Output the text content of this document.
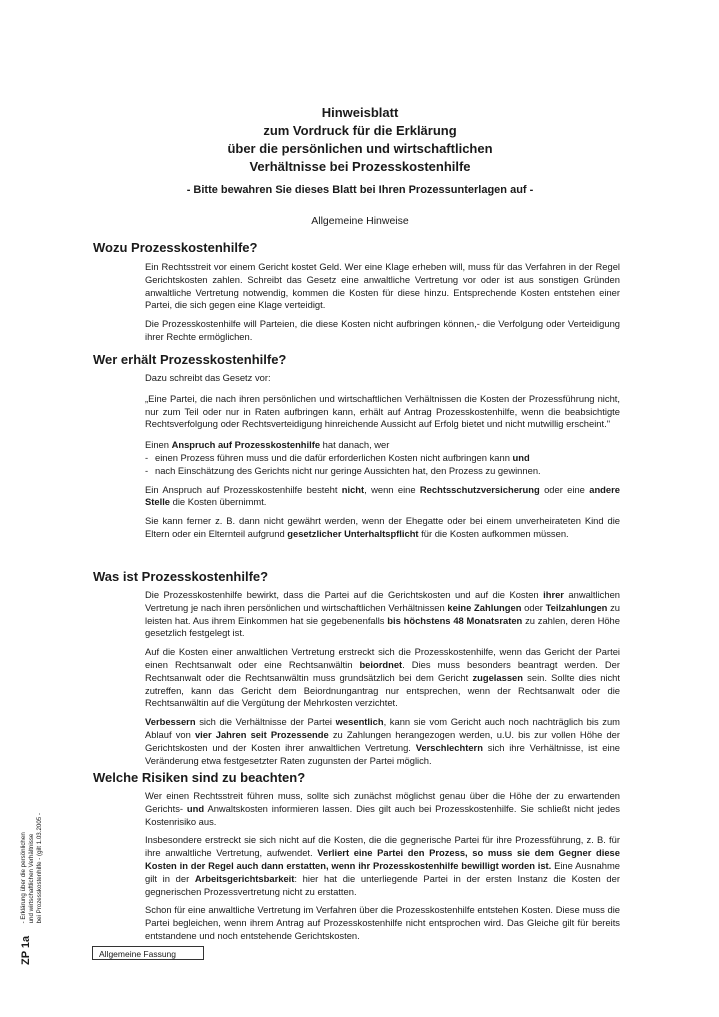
Hinweisblatt
zum Vordruck für die Erklärung
über die persönlichen und wirtschaftlichen
Verhältnisse bei Prozesskostenhilfe
- Bitte bewahren Sie dieses Blatt bei Ihren Prozessunterlagen auf -
Allgemeine Hinweise
Wozu Prozesskostenhilfe?

Ein Rechtsstreit vor einem Gericht kostet Geld. Wer eine Klage erheben will, muss für das Verfahren in der Regel Gerichtskosten zahlen. Schreibt das Gesetz eine anwaltliche Vertretung vor oder ist aus sonstigen Gründen anwaltliche Vertretung notwendig, kommen die Kosten für diese hinzu. Entsprechende Kosten entstehen einer Partei, die sich gegen eine Klage verteidigt.

Die Prozesskostenhilfe will Parteien, die diese Kosten nicht aufbringen können,- die Verfolgung oder Verteidigung ihrer Rechte ermöglichen.

Wer erhält Prozesskostenhilfe?

Dazu schreibt das Gesetz vor:

„Eine Partei, die nach ihren persönlichen und wirtschaftlichen Verhältnissen die Kosten der Prozessführung nicht, nur zum Teil oder nur in Raten aufbringen kann, erhält auf Antrag Prozesskostenhilfe, wenn die beabsichtigte Rechtsverfolgung oder Rechtsverteidigung hinreichende Aussicht auf Erfolg bietet und nicht mutwillig erscheint."

Einen Anspruch auf Prozesskostenhilfe hat danach, wer

- einen Prozess führen muss und die dafür erforderlichen Kosten nicht aufbringen kann und

- nach Einschätzung des Gerichts nicht nur geringe Aussichten hat, den Prozess zu gewinnen.

Ein Anspruch auf Prozesskostenhilfe besteht nicht, wenn eine Rechtsschutzversicherung oder eine andere Stelle die Kosten übernimmt.

Sie kann ferner z. B. dann nicht gewährt werden, wenn der Ehegatte oder bei einem unverheirateten Kind die Eltern oder ein Elternteil aufgrund gesetzlicher Unterhaltspflicht für die Kosten aufkommen müssen.

Was ist Prozesskostenhilfe?

Die Prozesskostenhilfe bewirkt, dass die Partei auf die Gerichtskosten und auf die Kosten ihrer anwaltlichen Vertretung je nach ihren persönlichen und wirtschaftlichen Verhältnissen keine Zahlungen oder Teilzahlungen zu leisten hat. Aus ihrem Einkommen hat sie gegebenenfalls bis höchstens 48 Monatsraten zu zahlen, deren Höhe gesetzlich festgelegt ist.

Auf die Kosten einer anwaltlichen Vertretung erstreckt sich die Prozesskostenhilfe, wenn das Gericht der Partei einen Rechtsanwalt oder eine Rechtsanwältin beiordnet. Dies muss besonders beantragt werden. Der Rechtsanwalt oder die Rechtsanwältin muss grundsätzlich bei dem Gericht zugelassen sein. Sollte dies nicht zutreffen, kann das Gericht dem Beiordnungantrag nur entsprechen, wenn der Rechtsanwalt oder die Rechtsanwältin auf die Vergütung der Mehrkosten verzichtet.

Verbessern sich die Verhältnisse der Partei wesentlich, kann sie vom Gericht auch noch nachträglich bis zum Ablauf von vier Jahren seit Prozessende zu Zahlungen herangezogen werden, u.U. bis zur vollen Höhe der Gerichtskosten und der Kosten ihrer anwaltlichen Vertretung. Verschlechtern sich ihre Verhältnisse, ist eine Veränderung etwa festgesetzter Raten zugunsten der Partei möglich.

Welche Risiken sind zu beachten?

Wer einen Rechtsstreit führen muss, sollte sich zunächst möglichst genau über die Höhe der zu erwartenden Gerichts- und Anwaltskosten informieren lassen. Dies gilt auch bei Prozesskostenhilfe. Sie schließt nicht jedes Kostenrisiko aus.

Insbesondere erstreckt sie sich nicht auf die Kosten, die die gegnerische Partei für ihre Prozessführung, z. B. für ihre anwaltliche Vertretung, aufwendet. Verliert eine Partei den Prozess, so muss sie dem Gegner diese Kosten in der Regel auch dann erstatten, wenn ihr Prozesskostenhilfe bewilligt worden ist. Eine Ausnahme gilt in der Arbeitsgerichtsbarkeit: hier hat die unterliegende Partei in der ersten Instanz die Kosten der gegnerischen Prozessvertretung nicht zu erstatten.

Schon für eine anwaltliche Vertretung im Verfahren über die Prozesskostenhilfe entstehen Kosten. Diese muss die Partei begleichen, wenn ihrem Antrag auf Prozesskostenhilfe nicht entsprochen wird. Das Gleiche gilt für bereits entstandene und noch entstehende Gerichtskosten.

ZP 1a - Erklärung über die persönlichen
und wirtschaftlichen Verhältnisse
bei Prozesskostenhilfe - (gilt 1.03.2005 -
Allgemeine Fassung
